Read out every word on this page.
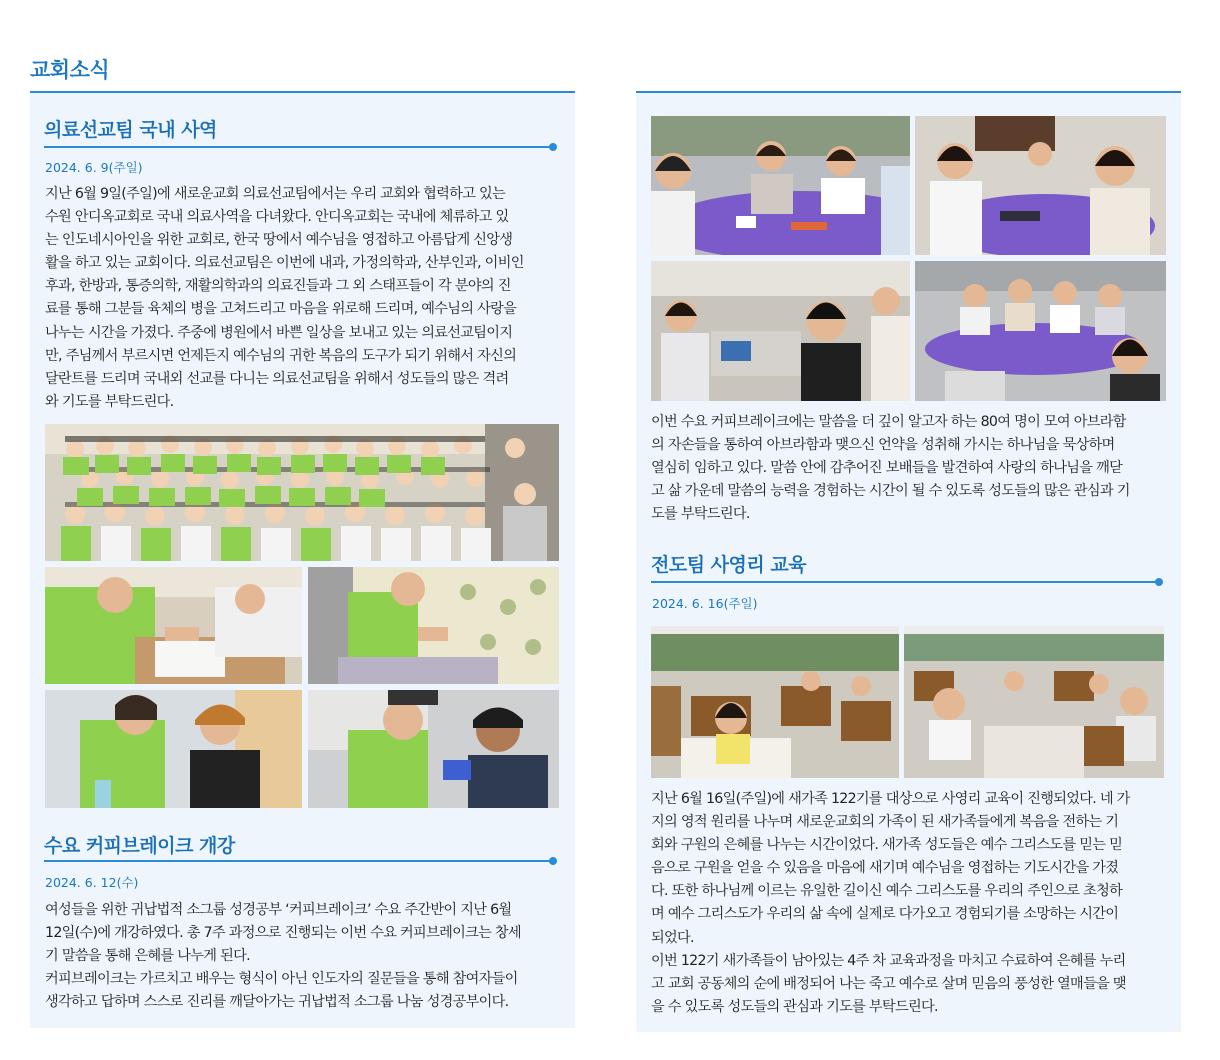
교회소식
의료선교팀 국내 사역
2024. 6. 9(주일)
지난 6월 9일(주일)에 새로운교회 의료선교팀에서는 우리 교회와 협력하고 있는
수원 안디옥교회로 국내 의료사역을 다녀왔다. 안디옥교회는 국내에 체류하고 있
는 인도네시아인을 위한 교회로, 한국 땅에서 예수님을 영접하고 아름답게 신앙생
활을 하고 있는 교회이다. 의료선교팀은 이번에 내과, 가정의학과, 산부인과, 이비인
후과, 한방과, 통증의학, 재활의학과의 의료진들과 그 외 스태프들이 각 분야의 진
료를 통해 그분들 육체의 병을 고쳐드리고 마음을 위로해 드리며, 예수님의 사랑을
나누는 시간을 가졌다. 주중에 병원에서 바쁜 일상을 보내고 있는 의료선교팀이지
만, 주님께서 부르시면 언제든지 예수님의 귀한 복음의 도구가 되기 위해서 자신의
달란트를 드리며 국내외 선교를 다니는 의료선교팀을 위해서 성도들의 많은 격려
와 기도를 부탁드린다.
수요 커피브레이크 개강
2024. 6. 12(수)
여성들을 위한 귀납법적 소그룹 성경공부 ‘커피브레이크’ 수요 주간반이 지난 6월
12일(수)에 개강하였다. 총 7주 과정으로 진행되는 이번 수요 커피브레이크는 창세
기 말씀을 통해 은혜를 나누게 된다.
커피브레이크는 가르치고 배우는 형식이 아닌 인도자의 질문들을 통해 참여자들이
생각하고 답하며 스스로 진리를 깨달아가는 귀납법적 소그룹 나눔 성경공부이다.
이번 수요 커피브레이크에는 말씀을 더 깊이 알고자 하는 80여 명이 모여 아브라함
의 자손들을 통하여 아브라함과 맺으신 언약을 성취해 가시는 하나님을 묵상하며
열심히 임하고 있다. 말씀 안에 감추어진 보배들을 발견하여 사랑의 하나님을 깨닫
고 삶 가운데 말씀의 능력을 경험하는 시간이 될 수 있도록 성도들의 많은 관심과 기
도를 부탁드린다.
전도팀 사영리 교육
2024. 6. 16(주일)
지난 6월 16일(주일)에 새가족 122기를 대상으로 사영리 교육이 진행되었다. 네 가
지의 영적 원리를 나누며 새로운교회의 가족이 된 새가족들에게 복음을 전하는 기
회와 구원의 은혜를 나누는 시간이었다. 새가족 성도들은 예수 그리스도를 믿는 믿
음으로 구원을 얻을 수 있음을 마음에 새기며 예수님을 영접하는 기도시간을 가졌
다. 또한 하나님께 이르는 유일한 길이신 예수 그리스도를 우리의 주인으로 초청하
며 예수 그리스도가 우리의 삶 속에 실제로 다가오고 경험되기를 소망하는 시간이
되었다.
이번 122기 새가족들이 남아있는 4주 차 교육과정을 마치고 수료하여 은혜를 누리
고 교회 공동체의 순에 배정되어 나는 죽고 예수로 살며 믿음의 풍성한 열매들을 맺
을 수 있도록 성도들의 관심과 기도를 부탁드린다.
